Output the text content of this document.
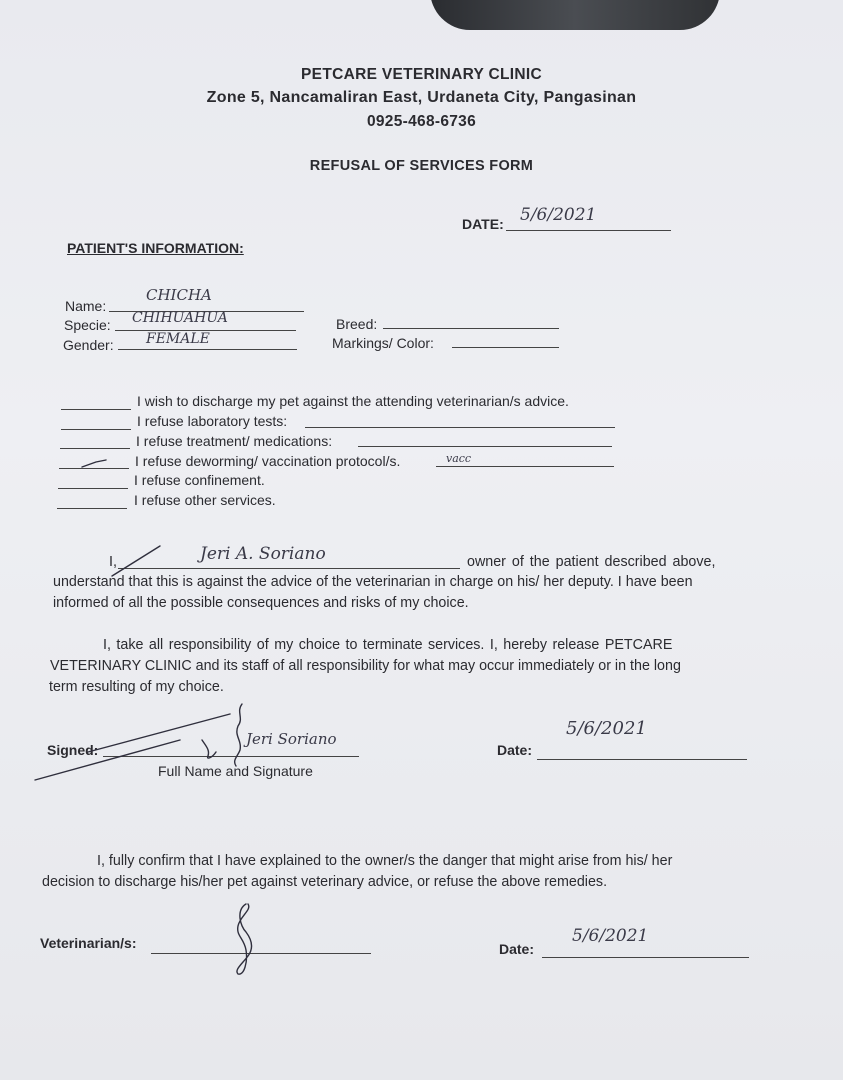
PETCARE VETERINARY CLINIC
Zone 5, Nancamaliran East, Urdaneta City, Pangasinan
0925-468-6736
REFUSAL OF SERVICES FORM
DATE: 5/6/2021
PATIENT'S INFORMATION:
Name:
CHICHA
Specie: CHIHUAHUA
Gender: FEMALE
Breed:
Markings/ Color:
I wish to discharge my pet against the attending veterinarian/s advice.
I refuse laboratory tests:
I refuse treatment/ medications:
I refuse deworming/ vaccination protocol/s.	vacc
I refuse confinement.
I refuse other services.
I,	Jeri A. Soriano	owner of the patient described above,
understand that this is against the advice of the veterinarian in charge on his/ her deputy. I have been
informed of all the possible consequences and risks of my choice.
I, take all responsibility of my choice to terminate services. I, hereby release PETCARE
VETERINARY CLINIC and its staff of all responsibility for what may occur immediately or in the long
term resulting of my choice.
Signed:
Jeri Soriano
Full Name and Signature
Date:
5/6/2021
I, fully confirm that I have explained to the owner/s the danger that might arise from his/ her
decision to discharge his/her pet against veterinary advice, or refuse the above remedies.
Veterinarian/s:	Date:
5/6/2021
